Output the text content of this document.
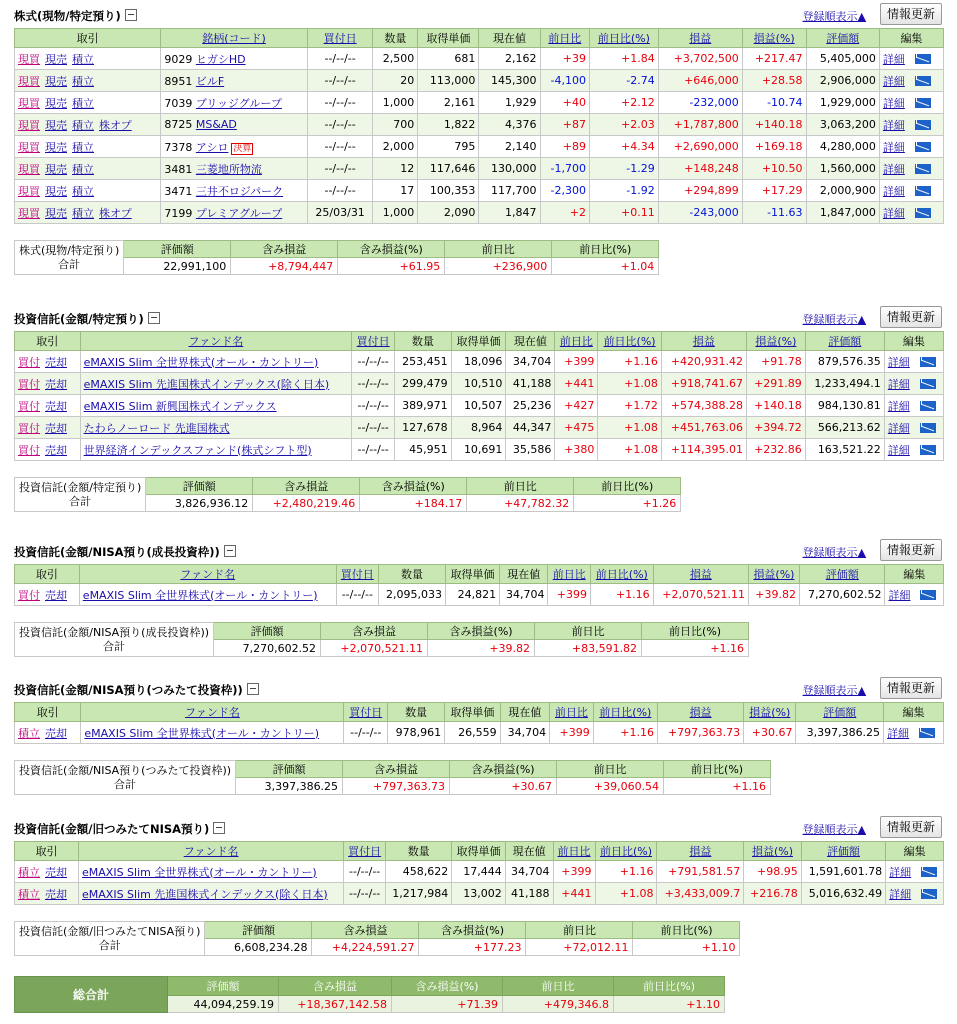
株式(現物/特定預り)	登録順表示▲	情報更新
取引	銘柄(コード)	買付日	数量	取得単価	現在値	前日比	前日比(%)	損益	損益(%)	評価額	編集
現買 現売 積立	9029 ヒガシHD	--/--/--	2,500	681	2,162	+39	+1.84	+3,702,500	+217.47	5,405,000	詳細
現買 現売 積立	8951 ビルF	--/--/--	20	113,000	145,300	-4,100	-2.74	+646,000	+28.58	2,906,000	詳細
現買 現売 積立	7039 ブリッジグループ	--/--/--	1,000	2,161	1,929	+40	+2.12	-232,000	-10.74	1,929,000	詳細
現買 現売 積立 株オプ	8725 MS&AD	--/--/--	700	1,822	4,376	+87	+2.03	+1,787,800	+140.18	3,063,200	詳細
現買 現売 積立	7378 アシロ 決算	--/--/--	2,000	795	2,140	+89	+4.34	+2,690,000	+169.18	4,280,000	詳細
現買 現売 積立	3481 三菱地所物流	--/--/--	12	117,646	130,000	-1,700	-1.29	+148,248	+10.50	1,560,000	詳細
現買 現売 積立	3471 三井不ロジパーク	--/--/--	17	100,353	117,700	-2,300	-1.92	+294,899	+17.29	2,000,900	詳細
現買 現売 積立 株オプ	7199 プレミアグループ	25/03/31	1,000	2,090	1,847	+2	+0.11	-243,000	-11.63	1,847,000	詳細
株式(現物/特定預り)
合計	評価額	含み損益	含み損益(%)	前日比	前日比(%)
	22,991,100	+8,794,447	+61.95	+236,900	+1.04
投資信託(金額/特定預り)	登録順表示▲	情報更新
取引	ファンド名	買付日	数量	取得単価	現在値	前日比	前日比(%)	損益	損益(%)	評価額	編集
買付 売却	eMAXIS Slim 全世界株式(オール・カントリー)	--/--/--	253,451	18,096	34,704	+399	+1.16	+420,931.42	+91.78	879,576.35	詳細
買付 売却	eMAXIS Slim 先進国株式インデックス(除く日本)	--/--/--	299,479	10,510	41,188	+441	+1.08	+918,741.67	+291.89	1,233,494.1	詳細
買付 売却	eMAXIS Slim 新興国株式インデックス	--/--/--	389,971	10,507	25,236	+427	+1.72	+574,388.28	+140.18	984,130.81	詳細
買付 売却	たわらノーロード 先進国株式	--/--/--	127,678	8,964	44,347	+475	+1.08	+451,763.06	+394.72	566,213.62	詳細
買付 売却	世界経済インデックスファンド(株式シフト型)	--/--/--	45,951	10,691	35,586	+380	+1.08	+114,395.01	+232.86	163,521.22	詳細
投資信託(金額/特定預り)
合計	評価額	含み損益	含み損益(%)	前日比	前日比(%)
	3,826,936.12	+2,480,219.46	+184.17	+47,782.32	+1.26
投資信託(金額/NISA預り(成長投資枠))	登録順表示▲	情報更新
取引	ファンド名	買付日	数量	取得単価	現在値	前日比	前日比(%)	損益	損益(%)	評価額	編集
買付 売却	eMAXIS Slim 全世界株式(オール・カントリー)	--/--/--	2,095,033	24,821	34,704	+399	+1.16	+2,070,521.11	+39.82	7,270,602.52	詳細
投資信託(金額/NISA預り(成長投資枠))
合計	評価額	含み損益	含み損益(%)	前日比	前日比(%)
	7,270,602.52	+2,070,521.11	+39.82	+83,591.82	+1.16
投資信託(金額/NISA預り(つみたて投資枠))	登録順表示▲	情報更新
取引	ファンド名	買付日	数量	取得単価	現在値	前日比	前日比(%)	損益	損益(%)	評価額	編集
積立 売却	eMAXIS Slim 全世界株式(オール・カントリー)	--/--/--	978,961	26,559	34,704	+399	+1.16	+797,363.73	+30.67	3,397,386.25	詳細
投資信託(金額/NISA預り(つみたて投資枠))
合計	評価額	含み損益	含み損益(%)	前日比	前日比(%)
	3,397,386.25	+797,363.73	+30.67	+39,060.54	+1.16
投資信託(金額/旧つみたてNISA預り)	登録順表示▲	情報更新
取引	ファンド名	買付日	数量	取得単価	現在値	前日比	前日比(%)	損益	損益(%)	評価額	編集
積立 売却	eMAXIS Slim 全世界株式(オール・カントリー)	--/--/--	458,622	17,444	34,704	+399	+1.16	+791,581.57	+98.95	1,591,601.78	詳細
積立 売却	eMAXIS Slim 先進国株式インデックス(除く日本)	--/--/--	1,217,984	13,002	41,188	+441	+1.08	+3,433,009.7	+216.78	5,016,632.49	詳細
投資信託(金額/旧つみたてNISA預り)
合計	評価額	含み損益	含み損益(%)	前日比	前日比(%)
	6,608,234.28	+4,224,591.27	+177.23	+72,012.11	+1.10
総合計	評価額	含み損益	含み損益(%)	前日比	前日比(%)
	44,094,259.19	+18,367,142.58	+71.39	+479,346.8	+1.10
